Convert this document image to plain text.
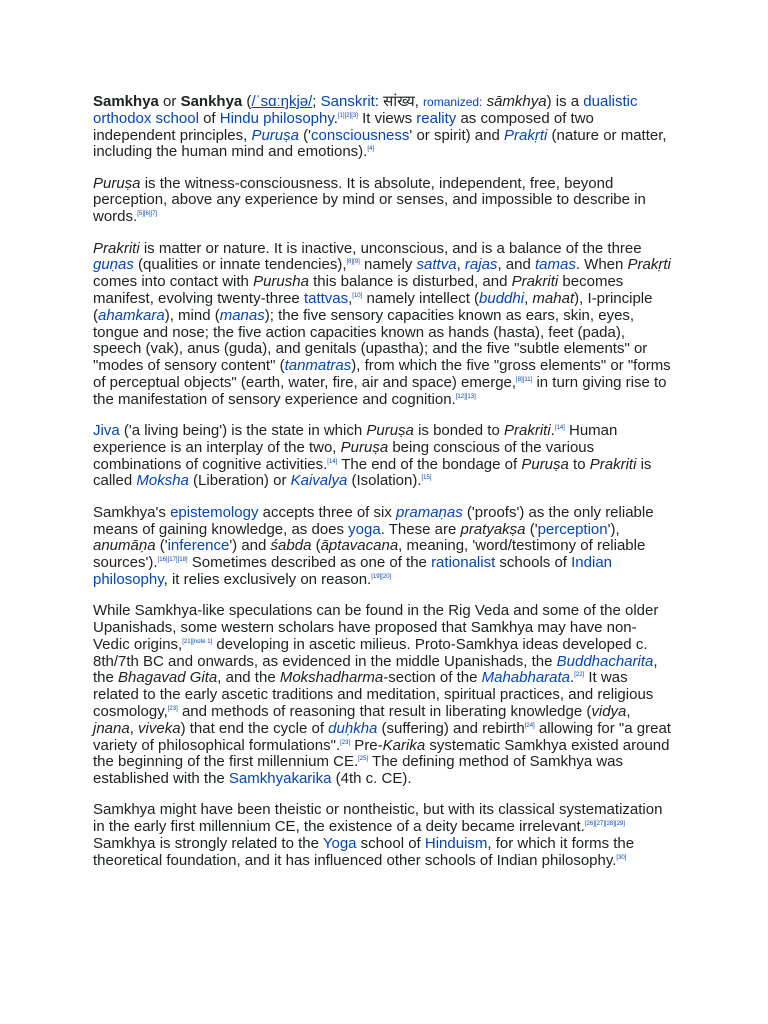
Samkhya or Sankhya (/ˈsɑːŋkjə/; Sanskrit: सांख्य, romanized: sāmkhya) is a dualistic orthodox school of Hindu philosophy.[1][2][3] It views reality as composed of two independent principles, Puruṣa ('consciousness' or spirit) and Prakṛti (nature or matter, including the human mind and emotions).[4]

Puruṣa is the witness-consciousness. It is absolute, independent, free, beyond perception, above any experience by mind or senses, and impossible to describe in words.[5][6][7]

Prakriti is matter or nature. It is inactive, unconscious, and is a balance of the three guṇas (qualities or innate tendencies),[8][9] namely sattva, rajas, and tamas. When Prakṛti comes into contact with Purusha this balance is disturbed, and Prakriti becomes manifest, evolving twenty-three tattvas,[10] namely intellect (buddhi, mahat), I-principle (ahamkara), mind (manas); the five sensory capacities known as ears, skin, eyes, tongue and nose; the five action capacities known as hands (hasta), feet (pada), speech (vak), anus (guda), and genitals (upastha); and the five "subtle elements" or "modes of sensory content" (tanmatras), from which the five "gross elements" or "forms of perceptual objects" (earth, water, fire, air and space) emerge,[8][11] in turn giving rise to the manifestation of sensory experience and cognition.[12][13]

Jiva ('a living being') is the state in which Puruṣa is bonded to Prakriti.[14] Human experience is an interplay of the two, Puruṣa being conscious of the various combinations of cognitive activities.[14] The end of the bondage of Puruṣa to Prakriti is called Moksha (Liberation) or Kaivalya (Isolation).[15]

Samkhya's epistemology accepts three of six pramaṇas ('proofs') as the only reliable means of gaining knowledge, as does yoga. These are pratyakṣa ('perception'), anumāṇa ('inference') and śabda (āptavacana, meaning, 'word/testimony of reliable sources').[16][17][18] Sometimes described as one of the rationalist schools of Indian philosophy, it relies exclusively on reason.[19][20]

While Samkhya-like speculations can be found in the Rig Veda and some of the older Upanishads, some western scholars have proposed that Samkhya may have non-Vedic origins,[21][note 1] developing in ascetic milieus. Proto-Samkhya ideas developed c. 8th/7th BC and onwards, as evidenced in the middle Upanishads, the Buddhacharita, the Bhagavad Gita, and the Mokshadharma-section of the Mahabharata.[22] It was related to the early ascetic traditions and meditation, spiritual practices, and religious cosmology,[23] and methods of reasoning that result in liberating knowledge (vidya, jnana, viveka) that end the cycle of duḥkha (suffering) and rebirth[24] allowing for "a great variety of philosophical formulations".[23] Pre-Karika systematic Samkhya existed around the beginning of the first millennium CE.[25] The defining method of Samkhya was established with the Samkhyakarika (4th c. CE).

Samkhya might have been theistic or nontheistic, but with its classical systematization in the early first millennium CE, the existence of a deity became irrelevant.[26][27][28][29] Samkhya is strongly related to the Yoga school of Hinduism, for which it forms the theoretical foundation, and it has influenced other schools of Indian philosophy.[30]
